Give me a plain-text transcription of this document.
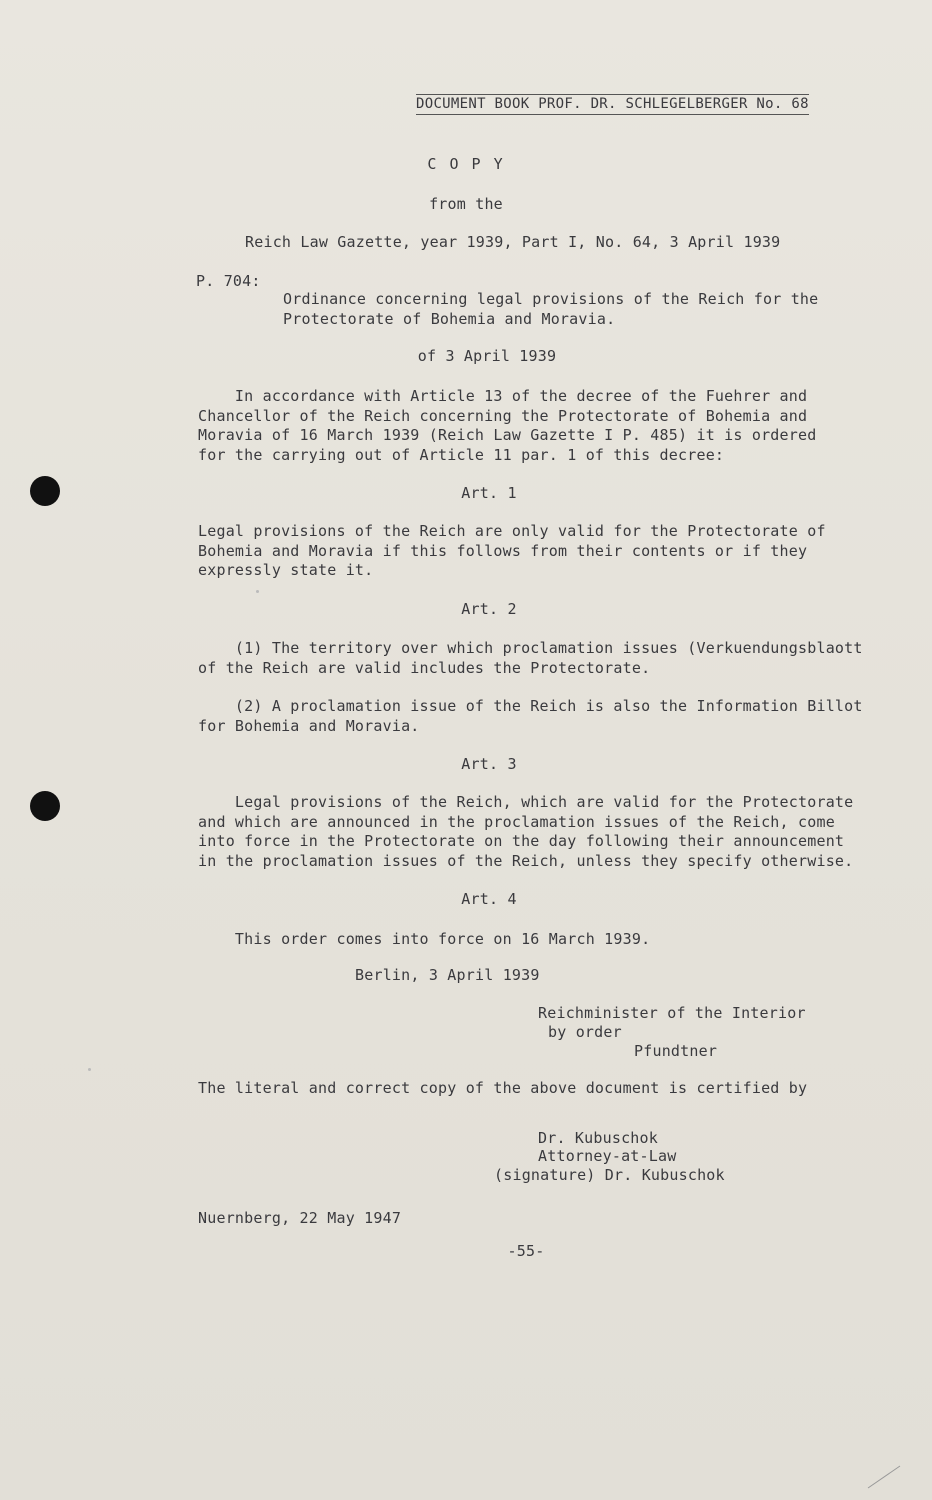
DOCUMENT BOOK PROF. DR. SCHLEGELBERGER No. 68
C O P Y
from the
Reich Law Gazette, year 1939, Part I, No. 64, 3 April 1939
P. 704:
Ordinance concerning legal provisions of the Reich for the
Protectorate of Bohemia and Moravia.
of 3 April 1939
In accordance with Article 13 of the decree of the Fuehrer and
Chancellor of the Reich concerning the Protectorate of Bohemia and
Moravia of 16 March 1939 (Reich Law Gazette I P. 485) it is ordered
for the carrying out of Article 11 par. 1 of this decree:
Art. 1
Legal provisions of the Reich are only valid for the Protectorate of
Bohemia and Moravia if this follows from their contents or if they
expressly state it.
Art. 2
(1) The territory over which proclamation issues (Verkuendungsblaott
of the Reich are valid includes the Protectorate.
(2) A proclamation issue of the Reich is also the Information Billot
for Bohemia and Moravia.
Art. 3
Legal provisions of the Reich, which are valid for the Protectorate
and which are announced in the proclamation issues of the Reich, come
into force in the Protectorate on the day following their announcement
in the proclamation issues of the Reich, unless they specify otherwise.
Art. 4
This order comes into force on 16 March 1939.
Berlin, 3 April 1939
Reichminister of the Interior
by order
Pfundtner
The literal and correct copy of the above document is certified by
Dr. Kubuschok
Attorney-at-Law
(signature) Dr. Kubuschok
Nuernberg, 22 May 1947
-55-
